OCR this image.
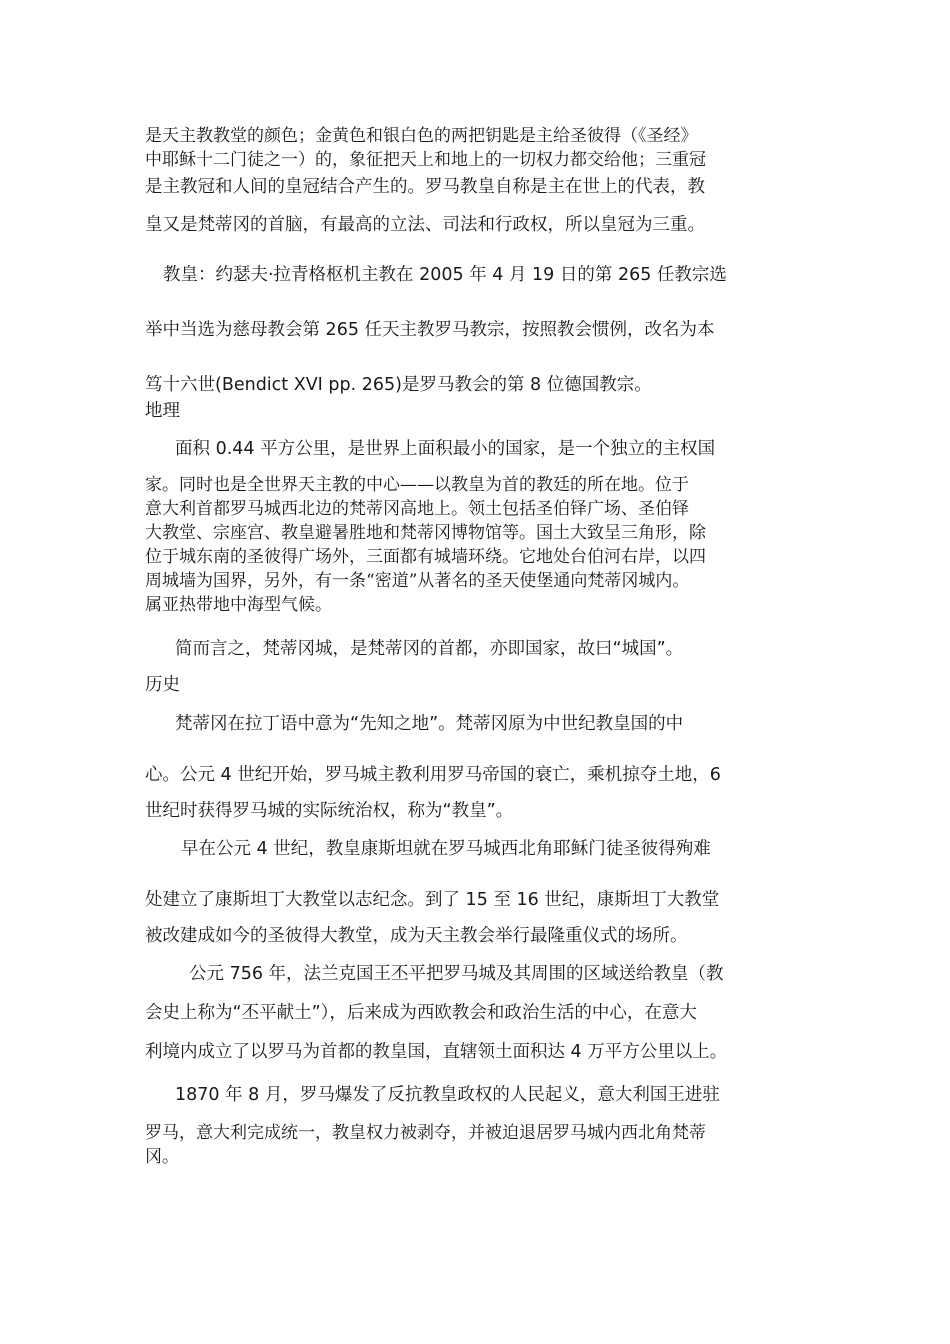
是天主教教堂的颜色；金黄色和银白色的两把钥匙是主给圣彼得（《圣经》
中耶稣十二门徒之一）的，象征把天上和地上的一切权力都交给他；三重冠
是主教冠和人间的皇冠结合产生的。罗马教皇自称是主在世上的代表，教
皇又是梵蒂冈的首脑，有最高的立法、司法和行政权，所以皇冠为三重。
教皇：约瑟夫·拉青格枢机主教在 2005 年 4 月 19 日的第 265 任教宗选
举中当选为慈母教会第 265 任天主教罗马教宗，按照教会惯例，改名为本
笃十六世(Bendict XVI pp. 265)是罗马教会的第 8 位德国教宗。
地理
面积 0.44 平方公里，是世界上面积最小的国家，是一个独立的主权国
家。同时也是全世界天主教的中心——以教皇为首的教廷的所在地。位于
意大利首都罗马城西北边的梵蒂冈高地上。领土包括圣伯铎广场、圣伯铎
大教堂、宗座宫、教皇避暑胜地和梵蒂冈博物馆等。国土大致呈三角形，除
位于城东南的圣彼得广场外，三面都有城墙环绕。它地处台伯河右岸，以四
周城墙为国界，另外，有一条“密道”从著名的圣天使堡通向梵蒂冈城内。
属亚热带地中海型气候。
简而言之，梵蒂冈城，是梵蒂冈的首都，亦即国家，故曰“城国”。
历史
梵蒂冈在拉丁语中意为“先知之地”。梵蒂冈原为中世纪教皇国的中
心。公元 4 世纪开始，罗马城主教利用罗马帝国的衰亡，乘机掠夺土地，6
世纪时获得罗马城的实际统治权，称为“教皇”。
早在公元 4 世纪，教皇康斯坦就在罗马城西北角耶稣门徒圣彼得殉难
处建立了康斯坦丁大教堂以志纪念。到了 15 至 16 世纪，康斯坦丁大教堂
被改建成如今的圣彼得大教堂，成为天主教会举行最隆重仪式的场所。
公元 756 年，法兰克国王丕平把罗马城及其周围的区域送给教皇（教
会史上称为“丕平献土”），后来成为西欧教会和政治生活的中心，在意大
利境内成立了以罗马为首都的教皇国，直辖领土面积达 4 万平方公里以上。
1870 年 8 月，罗马爆发了反抗教皇政权的人民起义，意大利国王进驻
罗马，意大利完成统一，教皇权力被剥夺，并被迫退居罗马城内西北角梵蒂
冈。
